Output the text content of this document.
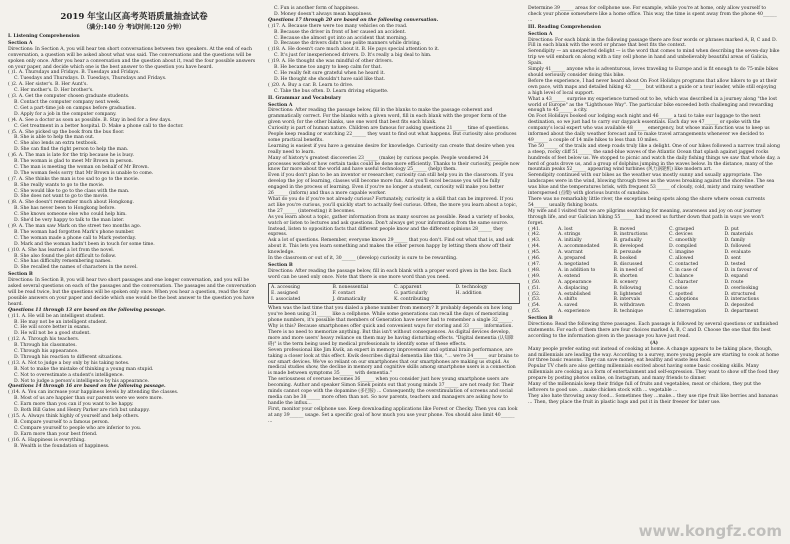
2019 年宝山区高考英语质量抽查试卷
（满分:140 分 考试时间:120 分钟）
I. Listening Comprehension
Section A

Directions: In Section A, you will hear ten short conversations between two speakers. At the end of each conversation, a question will be asked about what was said. The conversations and the questions will be spoken only once. After you hear a conversation and the question about it, read the four possible answers on your paper, and decide which one is the best answer to the question you have heard.

( )1. A. Thursdays and Fridays. B. Tuesdays and Fridays.
C. Tuesdays and Thursdays. D. Tuesdays, Thursdays and Fridays.
( )2. A. Her sister's. B. Her Aunt's.
C. Her mother's. D. Her brother's.
( )3. A. Get the computer chosen graduate students.
B. Contact the computer company next week.
C. Get a part-time job on campus before graduation.
D. Apply for a job in the computer company.
( )4. A. See a doctor as soon as possible. B. Stay in bed for a few days.
C. Get treatment in a better hospital. D. Make a phone call to the doctor.
( )5. A. She picked up the book from the bus floor.
B. She is able to help the man out.
C. She also lends an extra textbook.
D. She can find the right person to help the man.
( )6. A. The man is late for the trip because he is busy.
B. The woman is glad to meet Mr Brown in person.
C. The man is meeting the woman on behalf of Mr Brown.
D. The woman feels sorry that Mr Brown is unable to come.
( )7. A. She thinks the man is too sad to go to the movie.
B. She really wants to go to the movie.
C. She would like to go to the class with the man.
D. She does not want to go to the movie.
( )8. A. She doesn't remember much about Hongkong.
B. She has never been to Hongkong before.
C. She knows someone else who could help him.
D. She'd be very happy to talk to the man later.
( )9. A. The man saw Mark on the street two months ago.
B. The woman had forgotten Mark's phone number.
C. The woman made a phone call to Mark yesterday.
D. Mark and the woman hadn't been in touch for some time.
( )10. A. She has learned a lot from the novel.
B. She also found the plot difficult to follow.
C. She has difficulty remembering names.
D. She recalled the names of characters in the novel.
Section B

Directions: In Section B, you will hear two short passages and one longer conversation, and you will be asked several questions on each of the passages and the conversation. The passages and the conversation will be read twice, but the questions will be spoken only once. When you hear a question, read the four possible answers on your paper and decide which one would be the best answer to the question you have heard.

Questions 11 through 13 are based on the following passage.
( )11. A. He will be an intelligent student.
B. He may not be an intelligent student.
C. He will score better in exams.
D. He will not be a good student.
( )12. A. Through his teachers.
B. Through his classmates.
C. Through his appearance.
D. Through his reaction to different situations.
( )13. A. Not to judge a boy only by his taking notes.
B. Not to make the mistake of thinking a young man stupid.
C. Not to overestimate a student's intelligence.
D. Not to judge a person's intelligence by his appearance.
Questions 14 through 16 are based on the following passage.
( )14. A. You can increase your happiness levels by attending the classes.
B. Most of us are happier than our parents were we were more.
C. Earn more than you can if you want to be happy.
D. Both Bill Gates and Henry Parker are rich but unhappy.
( )15. A. Always think highly of yourself and help others.
B. Compare yourself to a famous person.
C. Compare yourself to people who are inferior to you.
D. Earn more than your best friend.
( )16. A. Happiness is everything.
B. Wealth is the foundation of happiness.
C. Fun is another form of happiness.
D. Money doesn't always mean happiness.
Questions 17 through 20 are based on the following conversation.
( )17. A. Because there were too many vehicles on the road.
B. Because the driver in front of her caused an accident.
C. Because she almost got into an accident that morning.
D. Because the drivers didn't use polite manners while driving.
( )18. A. He doesn't care much about it. B. He pays special attention to it.
C. It's just for inexperienced drivers. D. It's really a big deal to him.
( )19. A. He thought she was mindful of other drivers.
B. He became too angry to keep calm for that.
C. He really felt sure grateful when he heard it.
D. He thought she shouldn't have said like that.
( )20. A. Buy a car. B. Learn to drive.
C. Take the bus often. D. Learn driving etiquette.
II. Grammar and Vocabulary
Section A

Directions: After reading the passage below, fill in the blanks to make the passage coherent and grammatically correct. For the blanks with a given word, fill in each blank with the proper form of the given word; for the other blanks, use one word that best fits each blank.

Curiosity is part of human nature. Children are famous for asking questions 21______ time of questions. People keep reading or watching 22______ they want to find out what happens. But curiosity also produces some practical benefits.

Learning is easiest if you have a genuine desire for knowledge. Curiosity can create that desire when you really need to learn.

Many of history's greatest discoveries 23______ (make) by curious people. People wondered 24______ processes worked or how certain tasks could be done more efficiently. Thanks to their curiosity, people now know far more about the world and have useful technology 25______ (help) them.

Even if you don't plan to be an inventor or researcher, curiosity can still help you in the classroom. If you develop the joy of learning, classes will become more fun. And you'll excel because you will be fully engaged in the process of learning. Even if you're no longer a student, curiosity will make you better 26______ (inform) and thus a more capable worker.

What do you do if you're not already curious? Fortunately, curiosity is a skill that can be improved. If you act like you're curious, you'll quickly start to actually feel curious. Often, the more you learn about a topic, the 27______ (interesting) it becomes.

As you learn about a topic, gather information from as many sources as possible. Read a variety of books, watch or listen to lectures and ask questions. Don't always get your information from the same source. Instead, listen to opposition facts that different people know and the different opinions 28______ they express.

Ask a lot of questions. Remember, everyone knows 29______ that you don't. Find out what that is, and ask about it. This lets you learn something and makes the other person happy by letting them show off their knowledge.

In the classroom or out of it, 30______ (develop) curiosity is sure to be rewarding.

Section B

Directions: After reading the passage below, fill in each blank with a proper word given in the box. Each word can be used only once. Note that there is one more word than you need.

A. accessing	B. nonessential	C. apparent	D. technology
E. assigned	F. contact	G. particularly	H. addition
I. associated	J. dramatically	K. contributing

When was the last time that you dialed a phone number from memory? It probably depends on how long you've been using 31______ like a cellphone. While some generations can recall the days of memorizing phone numbers, it's possible that members of Generation have never had to remember a single 32______. Why is this? Because smartphones offer quick and convenient ways for storing and 33______ information.

There is no need to memorize anything. But this isn't without consequences. As digital devices develop, more and more users' heavy reliance on them may be having disturbing effects. "Digital dementia (认知障碍)" is the term being used by medical professionals to identify some of these effects.

Seven professional like Jim Kwik, an expert in memory improvement and optimal brain performance, are taking a closer look at this effect. Kwik describes digital dementia like this, "... we're 34______ our brains to our smart devices. We've so reliant on our smartphones that our smartphones are making us stupid. As medical studies show, the decline in memory and cognitive skills among smartphone users is a connection is made between symptoms 35______ with dementia."

The seriousness of overuse becomes 36______ when you consider just how young smartphone users are becoming. Author and speaker Simon Sinek points out that young minds 37______ are not ready for. Their minds cannot cope with the dopamine (多巴胺) ... Consequently, the overstimulation of screens and social media can be 38______ more often than not. So now parents, teachers and managers are asking how to handle the influx...

First, monitor your cellphone use. Keep downloading applications like Forest or Checky. Then you can look at any 39______ usage. Set a specific goal of how much you use your phone. You should also limit 40______ ...

Determine 39______ areas for cellphone use. For example, while you're at home, only allow yourself to check your phone somewhere like a home office. This way, the time is spent away from the phone 40______ ...

III. Reading Comprehension
Section A

Directions: For each blank in the following passage there are four words or phrases marked A, B, C and D. Fill in each blank with the word or phrase that best fits the context.

Serendipity — an unexpected delight — is the word that comes to mind when describing the seven-day bike trip we will embark on along with a tiny cell phone in hand and unbelievably beautiful areas of Galicia, Spain.

Simply 41______ anyone who is adventurous, loves traveling to Europe and is fit enough to do 75-mile bikes should seriously consider doing this bike.

Before the experience, I had never heard about On Foot Holidays programs that allow hikers to go at their own pace, with maps and detailed hiking 42______ but without a guide or a tour leader, while still enjoying a high level of local support.

What a 43______ surprise my experience turned out to be, which was described in a journey along "the lost world of Europe" as the "Lighthouse Way". The particular bike exceeded both challenging and rewarding enough to 45______ a city.

On Foot Holidays booked our lodging each night and 46______ a taxi to take our luggage to the next destination, so we just had to carry our daypack essentials. Each day we 47______ or spoke with the company's local expert who was available 48______ emergency, but whose main function was to keep us informed about the daily weather forecast and to make travel arrangements whenever we decided to 49______ a couple of 14 mile hikes to less than 10 miles.

The 50______ of the trails and steep roads truly like a delight. One of our hikes followed a narrow trail along a steep, rocky cliff 51______ the sand-blue waves of the Atlantic Ocean that splash against jagged rocks hundreds of feet below us. We stopped to picnic and watch the daily fishing things we saw that whole day, a herd of goats drove us, and a group of dolphins jumping in the waves below. In the distance, many of the mountain peaks 52______ appearing wind turbines (风力涡轮机) like modern art.

Serendipity continued with our bikes as the weather was mostly sunny and usually appropriate. The landscapes were in the wind, blowing through trees as the waves breaking against the shoreline. The sea was blue and the temperatures brisk, with frequent 53______ of cloudy, cold, misty and rainy weather interspersed (点缀) with glorious bursts of sunshine.

There was no remarkably little river, the exception being spots along the shore where ocean currents 54______ usually fishing boats.

My wife and I visited that we are pilgrims searching for meaning, awareness and joy on our journey through life, and our Galician hiking 55______ had moved us further down that path in ways we won't forget.

( )41.	A. lost	B. moved	C. grasped	D. put
( )42.	A. strings	B. instructions	C. devices	D. materials
( )43.	A. initially	B. gradually	C. smoothly	D. family
( )44.	A. accommodated	B. developed	D. compiled	D. followed
( )45.	A. warrant	B. persuade	C. imagine	D. evaluate
( )46.	A. prepared	B. booked	C. allowed	D. sent
( )47.	A. negotiated	B. discussed	C. contacted	D. tested
( )48.	A. in addition to	B. in need of	C. in case of	D. in favour of
( )49.	A. extend	B. shorten	C. balance	D. expand
( )50.	A. appearance	B. scenery	C. character	D. route
( )51.	A. displacing	B. following	C. noise	D. overlooking
( )52.	A. established	B. lightened	C. spotted	D. structured
( )53.	A. shifts	B. intervals	C. adoptions	D. interactions
( )54.	A. saved	B. withdrawn	C. frozen	D. deposited
( )55.	A. experience	B. technique	C. interrogation	D. department
Section B

Directions: Read the following three passages. Each passage is followed by several questions or unfinished statements. For each of them there are four choices marked A, B, C and D. Choose the one that fits best according to the information given in the passage you have just read.

(A)

Many people prefer eating out instead of cooking at home. A change appears to be taking place, though, and millennials are leading the way. According to a survey, more young people are starting to cook at home for three basic reasons. They can save money, eat healthy and waste less food.

Popular TV chefs are also getting millennials excited about having some basic cooking skills. Many millennials are cooking as a form of entertainment and self-expression. They want to show off the food they prepare by posting photos online, on Instagram, and many friends to dinner.

Many of the millennials keep their fridge full of fruits and vegetables, meat or chicken, they put the leftovers to good use. ...make chicken stock with ... vegetable ...

They also hate throwing away food... Sometimes they ...make... they use ripe fruit like berries and bananas ... Then, they place the fruit in plastic bags and put it in their freezer for later use.

www.kongfz.com
